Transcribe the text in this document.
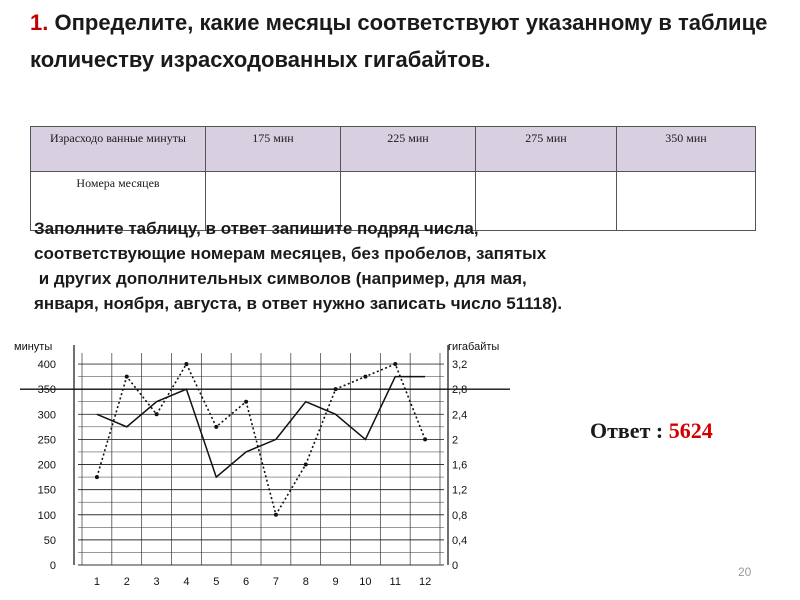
1. Определите, какие месяцы соответствуют указанному в таблице количеству израсходованных гигабайтов.

Израсходо ванные минуты	175 мин	225 мин	275 мин	350 мин
Номера месяцев				

Заполните таблицу, в ответ запишите подряд числа,
соответствующие номерам месяцев, без пробелов, запятых
и других дополнительных символов (например, для мая,
января, ноября, августа, в ответ нужно записать число 51118).

минуты	гигабайты
0
50
100
150
200
250
300
350
400
0
0,4
0,8
1,2
1,6
2
2,4
2,8
3,2
1 2 3 4 5 6 7 8 9 10 11 12
Ответ : 5624
20
